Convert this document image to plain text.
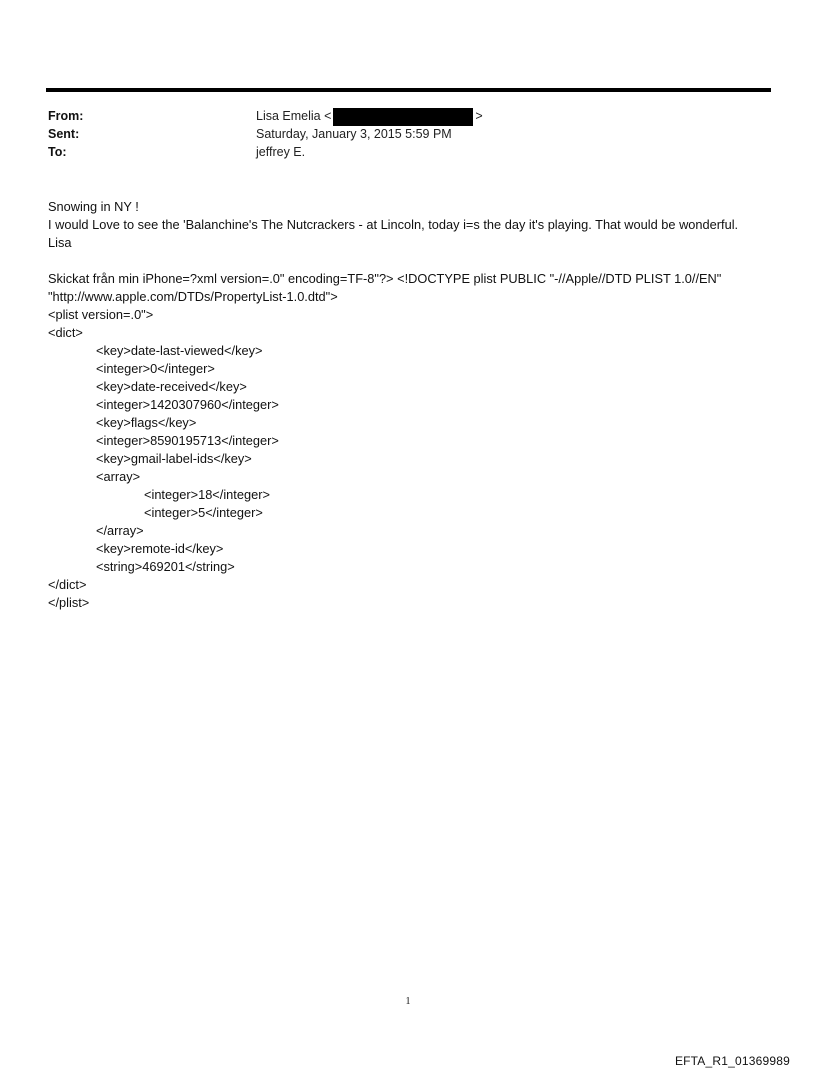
From:	Lisa Emelia <	>
Sent:	Saturday, January 3, 2015 5:59 PM
To:	jeffrey E.
Snowing in NY !
I would Love to see the 'Balanchine's The Nutcrackers - at Lincoln, today i=s the day it's playing. That would be wonderful.
Lisa
Skickat från min iPhone=?xml version=.0" encoding=TF-8"?> <!DOCTYPE plist PUBLIC "-//Apple//DTD PLIST 1.0//EN" "http://www.apple.com/DTDs/PropertyList-1.0.dtd">
<plist version=.0">
<dict>
<key>date-last-viewed</key>
<integer>0</integer>
<key>date-received</key>
<integer>1420307960</integer>
<key>flags</key>
<integer>8590195713</integer>
<key>gmail-label-ids</key>
<array>
<integer>18</integer>
<integer>5</integer>
</array>
<key>remote-id</key>
<string>469201</string>
</dict>
</plist>
1
EFTA_R1_01369989
